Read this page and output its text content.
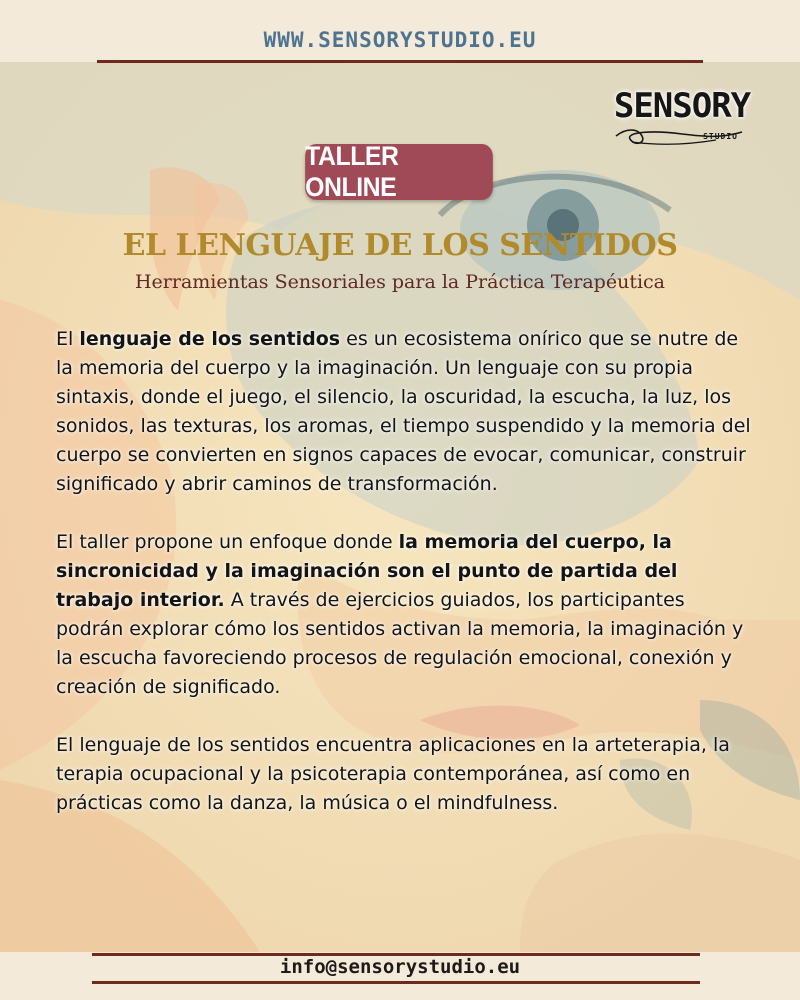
WWW.SENSORYSTUDIO.EU
SENSORY
STUDIO
TALLER ONLINE
EL LENGUAJE DE LOS SENTIDOS
Herramientas Sensoriales para la Práctica Terapéutica

El lenguaje de los sentidos es un ecosistema onírico que se nutre de la memoria del cuerpo y la imaginación. Un lenguaje con su propia sintaxis, donde el juego, el silencio, la oscuridad, la escucha, la luz, los sonidos, las texturas, los aromas, el tiempo suspendido y la memoria del cuerpo se convierten en signos capaces de evocar, comunicar, construir significado y abrir caminos de transformación.

El taller propone un enfoque donde la memoria del cuerpo, la sincronicidad y la imaginación son el punto de partida del trabajo interior. A través de ejercicios guiados, los participantes podrán explorar cómo los sentidos activan la memoria, la imaginación y la escucha favoreciendo procesos de regulación emocional, conexión y creación de significado.

El lenguaje de los sentidos encuentra aplicaciones en la arteterapia, la terapia ocupacional y la psicoterapia contemporánea, así como en prácticas como la danza, la música o el mindfulness.

info@sensorystudio.eu
